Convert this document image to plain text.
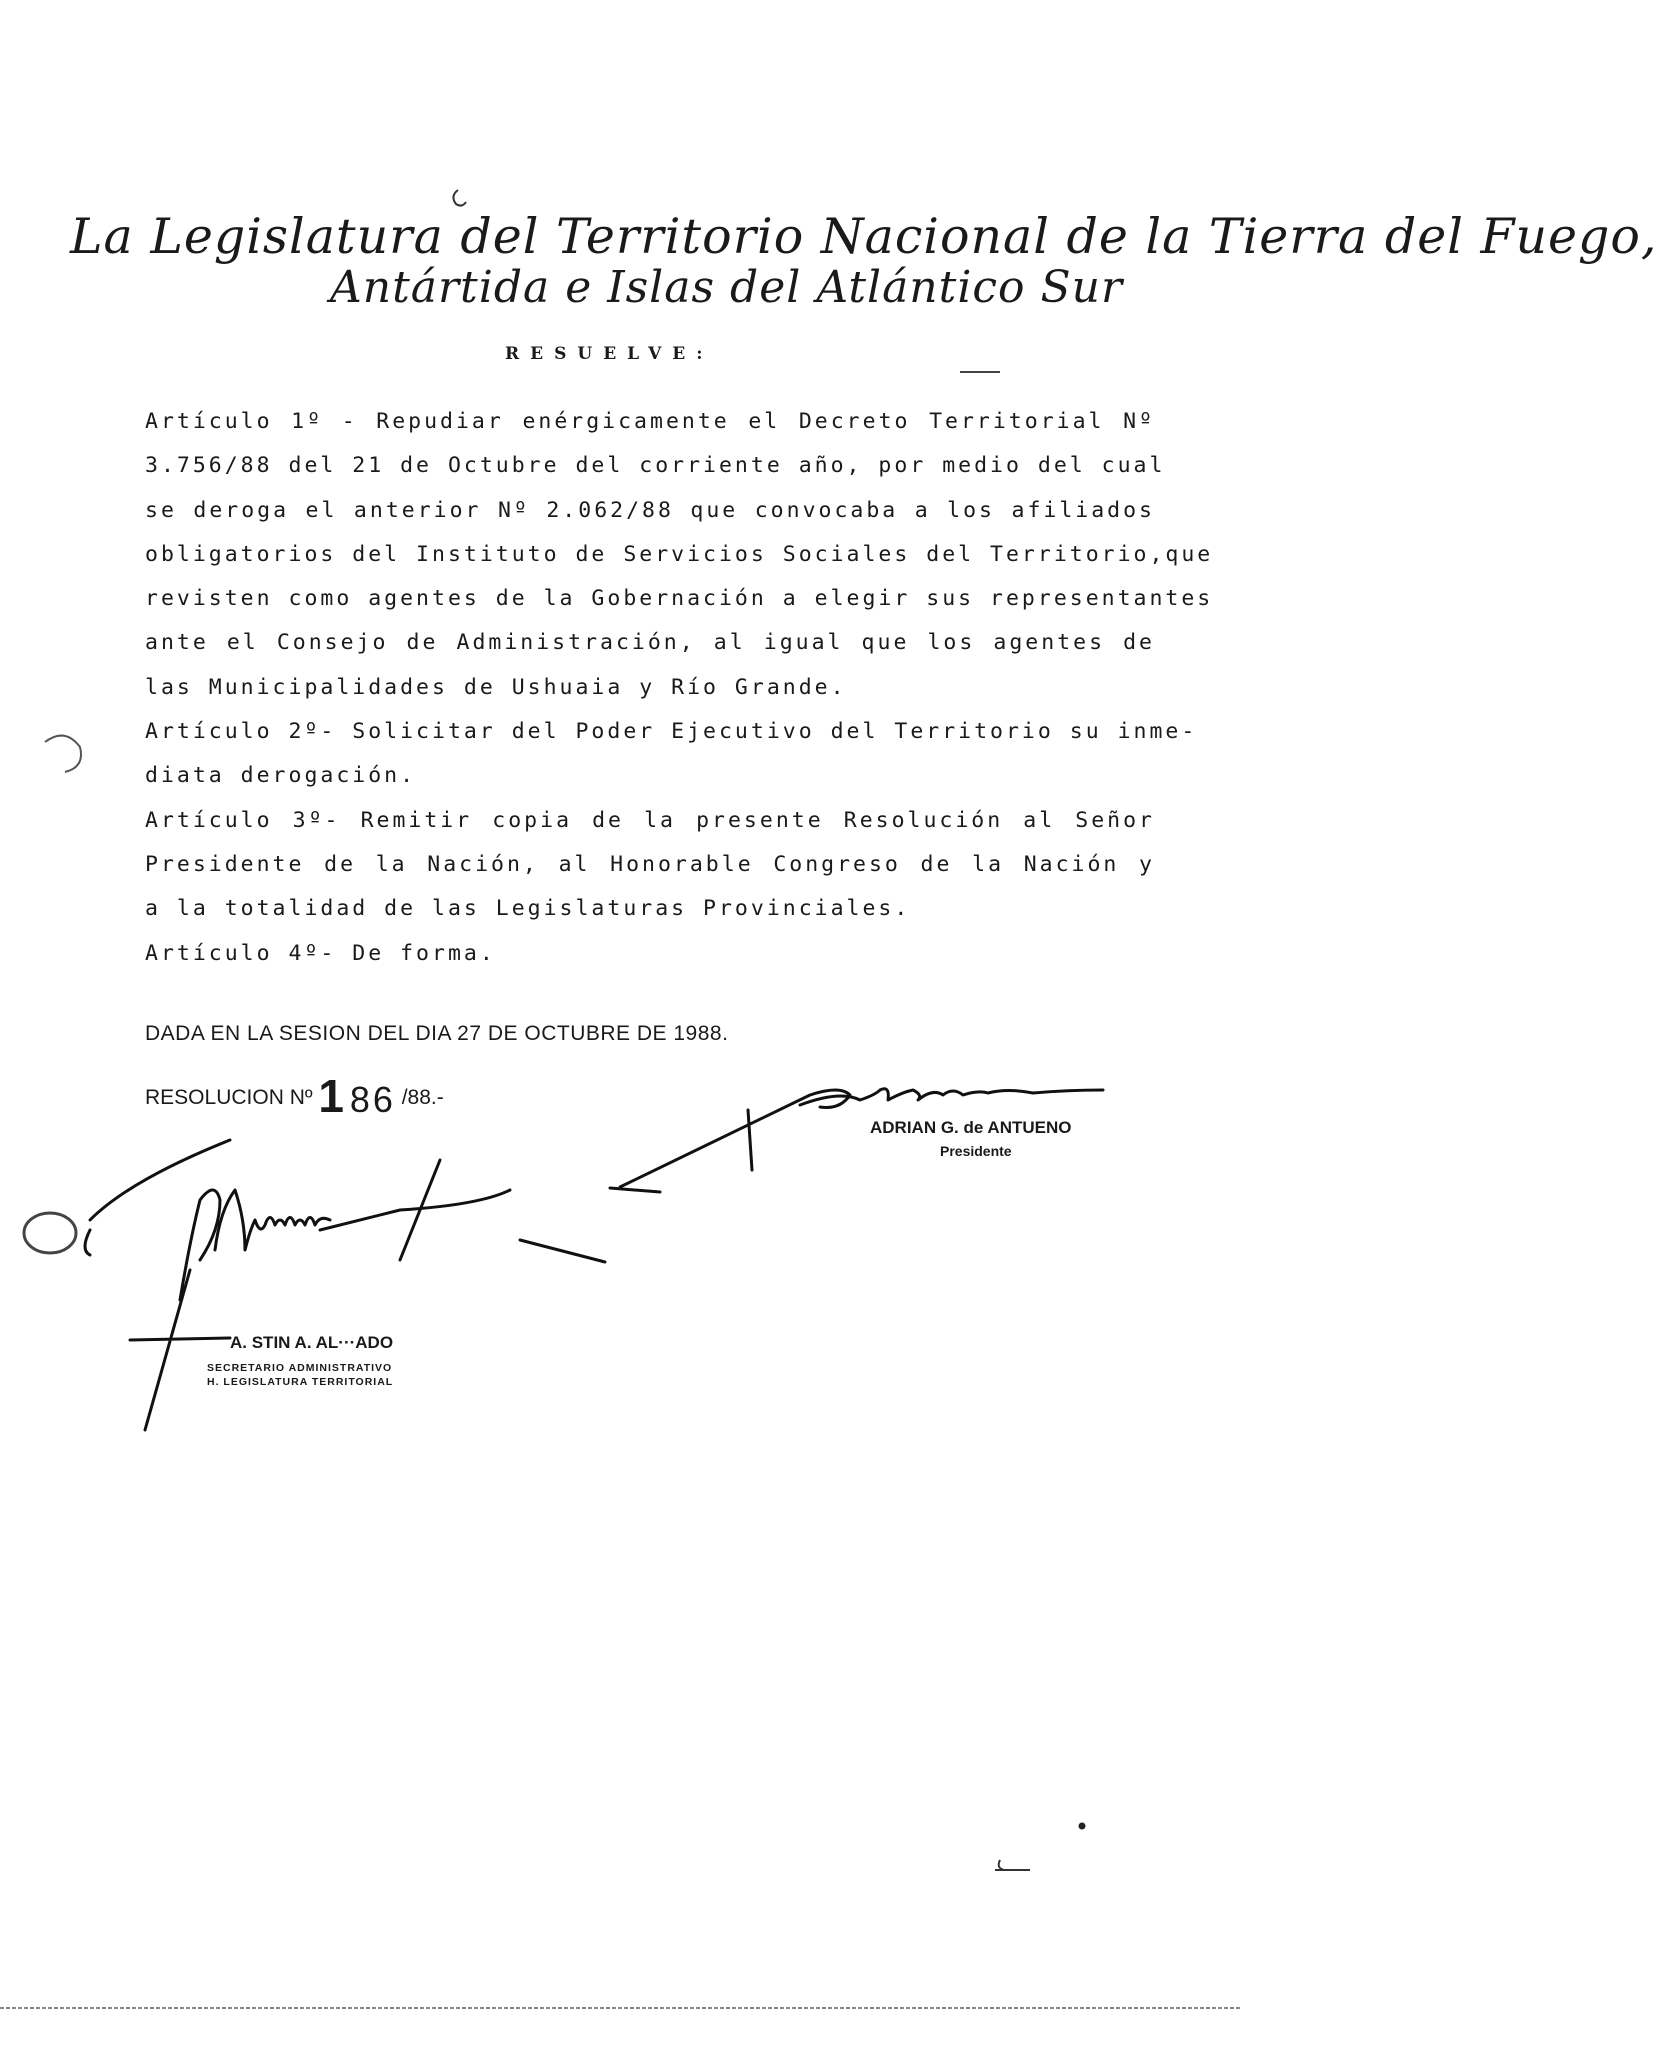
La Legislatura del Territorio Nacional de la Tierra del Fuego,
Antártida e Islas del Atlántico Sur
RESUELVE:
Artículo 1º - Repudiar enérgicamente el Decreto Territorial Nº
3.756/88 del 21 de Octubre del corriente año, por medio del cual
se deroga el anterior Nº 2.062/88 que convocaba a los afiliados
obligatorios del Instituto de Servicios Sociales del Territorio,que
revisten como agentes de la Gobernación a elegir sus representantes
ante el Consejo de Administración, al igual que los agentes de
las Municipalidades de Ushuaia y Río Grande.
Artículo 2º- Solicitar del Poder Ejecutivo del Territorio su inme-
diata derogación.
Artículo 3º- Remitir copia de la presente Resolución al Señor
Presidente de la Nación, al Honorable Congreso de la Nación y
a la totalidad de las Legislaturas Provinciales.
Artículo 4º- De forma.
DADA EN LA SESION DEL DIA 27 DE OCTUBRE DE 1988.
RESOLUCION Nº 1 86 /88.-
ADRIAN G. de ANTUENO
Presidente
A. STIN A. AL···ADO
SECRETARIO ADMINISTRATIVO
H. LEGISLATURA TERRITORIAL
